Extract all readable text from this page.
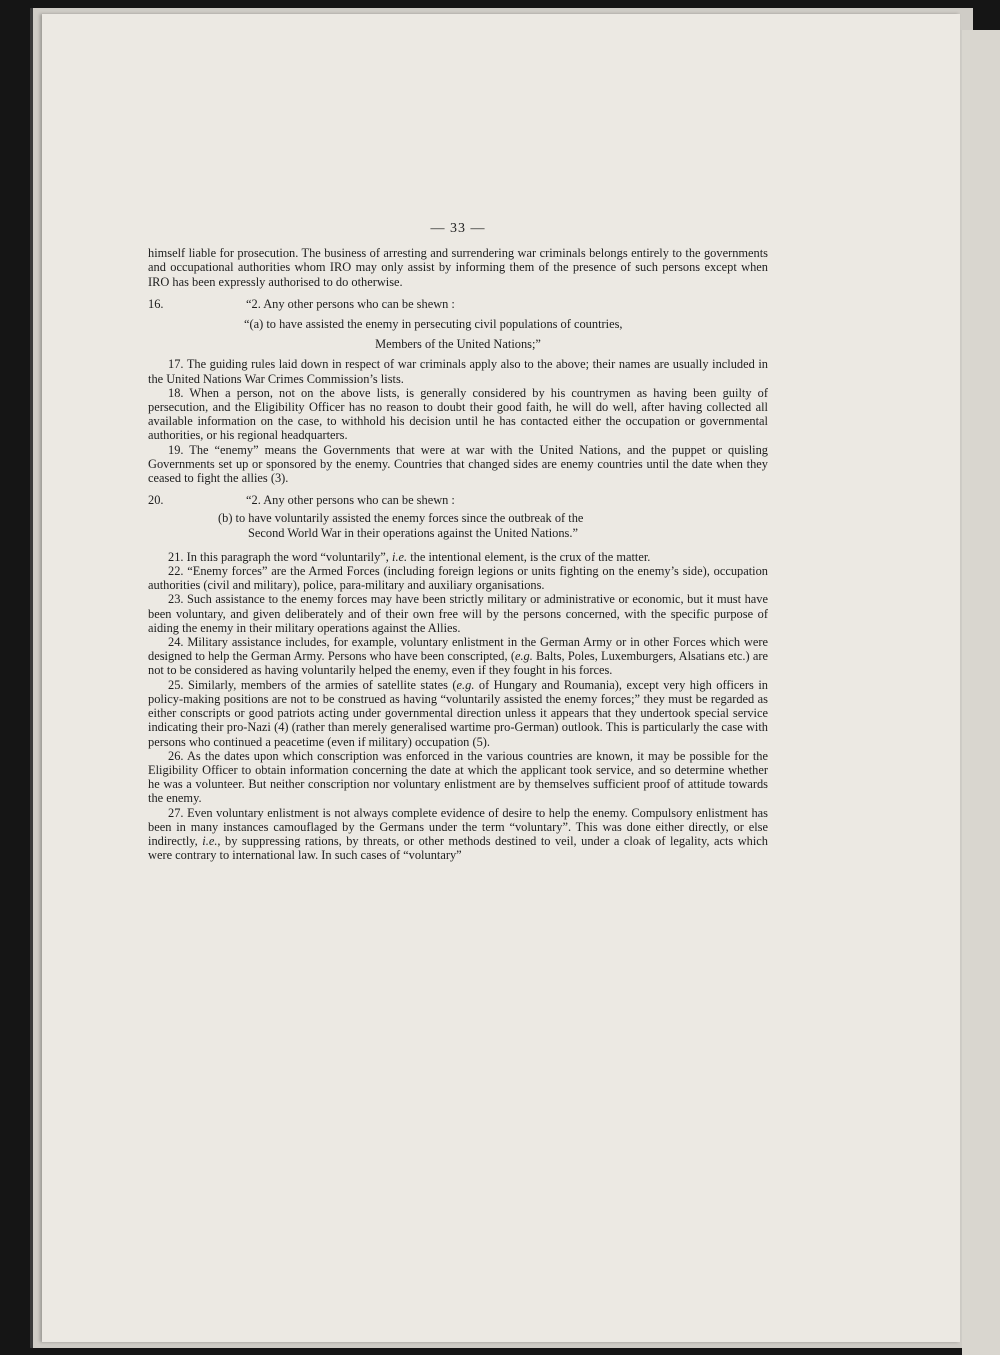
— 33 —

himself liable for prosecution. The business of arresting and surrendering war criminals belongs entirely to the governments and occupational authorities whom IRO may only assist by informing them of the presence of such persons except when IRO has been expressly authorised to do otherwise.

16.	“2. Any other persons who can be shewn :

“(a) to have assisted the enemy in persecuting civil populations of countries,

Members of the United Nations;”

17. The guiding rules laid down in respect of war criminals apply also to the above; their names are usually included in the United Nations War Crimes Commission’s lists.

18. When a person, not on the above lists, is generally considered by his countrymen as having been guilty of persecution, and the Eligibility Officer has no reason to doubt their good faith, he will do well, after having collected all available information on the case, to withhold his decision until he has contacted either the occupation or governmental authorities, or his regional headquarters.

19. The “enemy” means the Governments that were at war with the United Nations, and the puppet or quisling Governments set up or sponsored by the enemy. Countries that changed sides are enemy countries until the date when they ceased to fight the allies (3).

20.	“2. Any other persons who can be shewn :

(b) to have voluntarily assisted the enemy forces since the outbreak of the

Second World War in their operations against the United Nations.”

21. In this paragraph the word “voluntarily”, i.e. the intentional element, is the crux of the matter.

22. “Enemy forces” are the Armed Forces (including foreign legions or units fighting on the enemy’s side), occupation authorities (civil and military), police, para-military and auxiliary organisations.

23. Such assistance to the enemy forces may have been strictly military or administrative or economic, but it must have been voluntary, and given deliberately and of their own free will by the persons concerned, with the specific purpose of aiding the enemy in their military operations against the Allies.

24. Military assistance includes, for example, voluntary enlistment in the German Army or in other Forces which were designed to help the German Army. Persons who have been conscripted, (e.g. Balts, Poles, Luxemburgers, Alsatians etc.) are not to be considered as having voluntarily helped the enemy, even if they fought in his forces.

25. Similarly, members of the armies of satellite states (e.g. of Hungary and Roumania), except very high officers in policy-making positions are not to be construed as having “voluntarily assisted the enemy forces;” they must be regarded as either conscripts or good patriots acting under governmental direction unless it appears that they undertook special service indicating their pro-Nazi (4) (rather than merely generalised wartime pro-German) outlook. This is particularly the case with persons who continued a peacetime (even if military) occupation (5).

26. As the dates upon which conscription was enforced in the various countries are known, it may be possible for the Eligibility Officer to obtain information concerning the date at which the applicant took service, and so determine whether he was a volunteer. But neither conscription nor voluntary enlistment are by themselves sufficient proof of attitude towards the enemy.

27. Even voluntary enlistment is not always complete evidence of desire to help the enemy. Compulsory enlistment has been in many instances camouflaged by the Germans under the term “voluntary”. This was done either directly, or else indirectly, i.e., by suppressing rations, by threats, or other methods destined to veil, under a cloak of legality, acts which were contrary to international law. In such cases of “voluntary”
